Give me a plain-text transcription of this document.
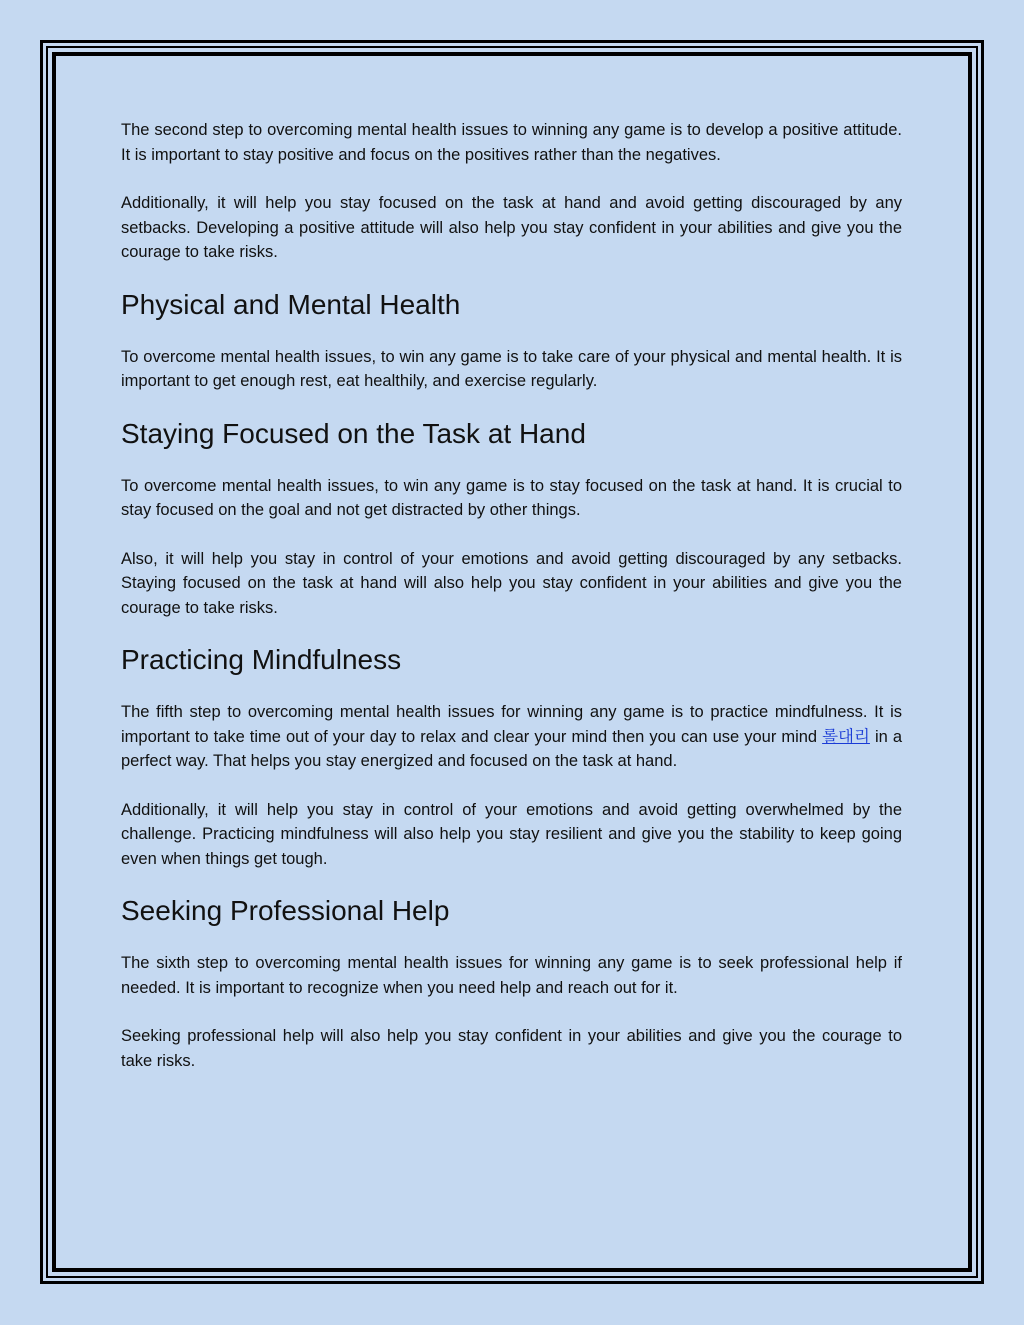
The second step to overcoming mental health issues to winning any game is to develop a positive attitude. It is important to stay positive and focus on the positives rather than the negatives.

Additionally, it will help you stay focused on the task at hand and avoid getting discouraged by any setbacks. Developing a positive attitude will also help you stay confident in your abilities and give you the courage to take risks.

Physical and Mental Health

To overcome mental health issues, to win any game is to take care of your physical and mental health. It is important to get enough rest, eat healthily, and exercise regularly.

Staying Focused on the Task at Hand

To overcome mental health issues, to win any game is to stay focused on the task at hand. It is crucial to stay focused on the goal and not get distracted by other things.

Also, it will help you stay in control of your emotions and avoid getting discouraged by any setbacks. Staying focused on the task at hand will also help you stay confident in your abilities and give you the courage to take risks.

Practicing Mindfulness

The fifth step to overcoming mental health issues for winning any game is to practice mindfulness. It is important to take time out of your day to relax and clear your mind then you can use your mind 롤대리 in a perfect way. That helps you stay energized and focused on the task at hand.

Additionally, it will help you stay in control of your emotions and avoid getting overwhelmed by the challenge. Practicing mindfulness will also help you stay resilient and give you the stability to keep going even when things get tough.

Seeking Professional Help

The sixth step to overcoming mental health issues for winning any game is to seek professional help if needed. It is important to recognize when you need help and reach out for it.

Seeking professional help will also help you stay confident in your abilities and give you the courage to take risks.
